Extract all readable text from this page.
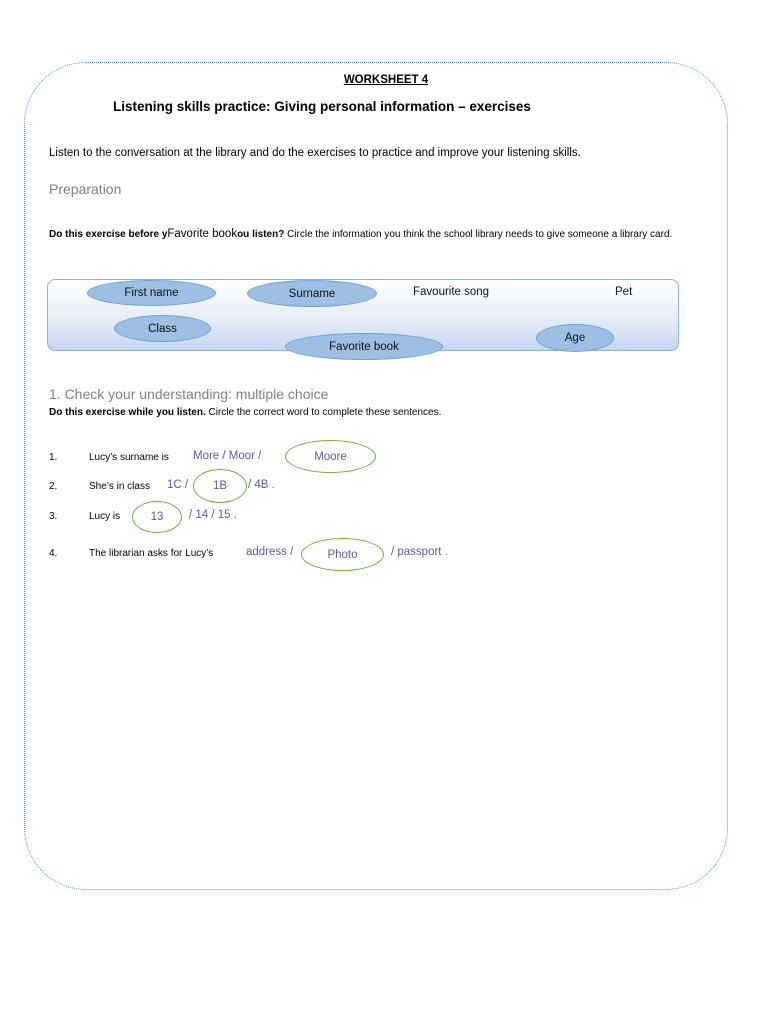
WORKSHEET 4
Listening skills practice: Giving personal information – exercises
Listen to the conversation at the library and do the exercises to practice and improve your listening skills.
Preparation
Do this exercise before yFavorite bookou listen? Circle the information you think the school library needs to give someone a library card.
First name	Surname	Favourite song	Pet
Class
Favorite book
Age
1. Check your understanding: multiple choice
Do this exercise while you listen. Circle the correct word to complete these sentences.
1.	Lucy’s surname is More / Moor /	Moore
2.	She’s in class 1C /	1B	/ 4B .
3.	Lucy is	13	/ 14 / 15 .
4.	The librarian asks for Lucy’s	address /	Photo	/ passport .
